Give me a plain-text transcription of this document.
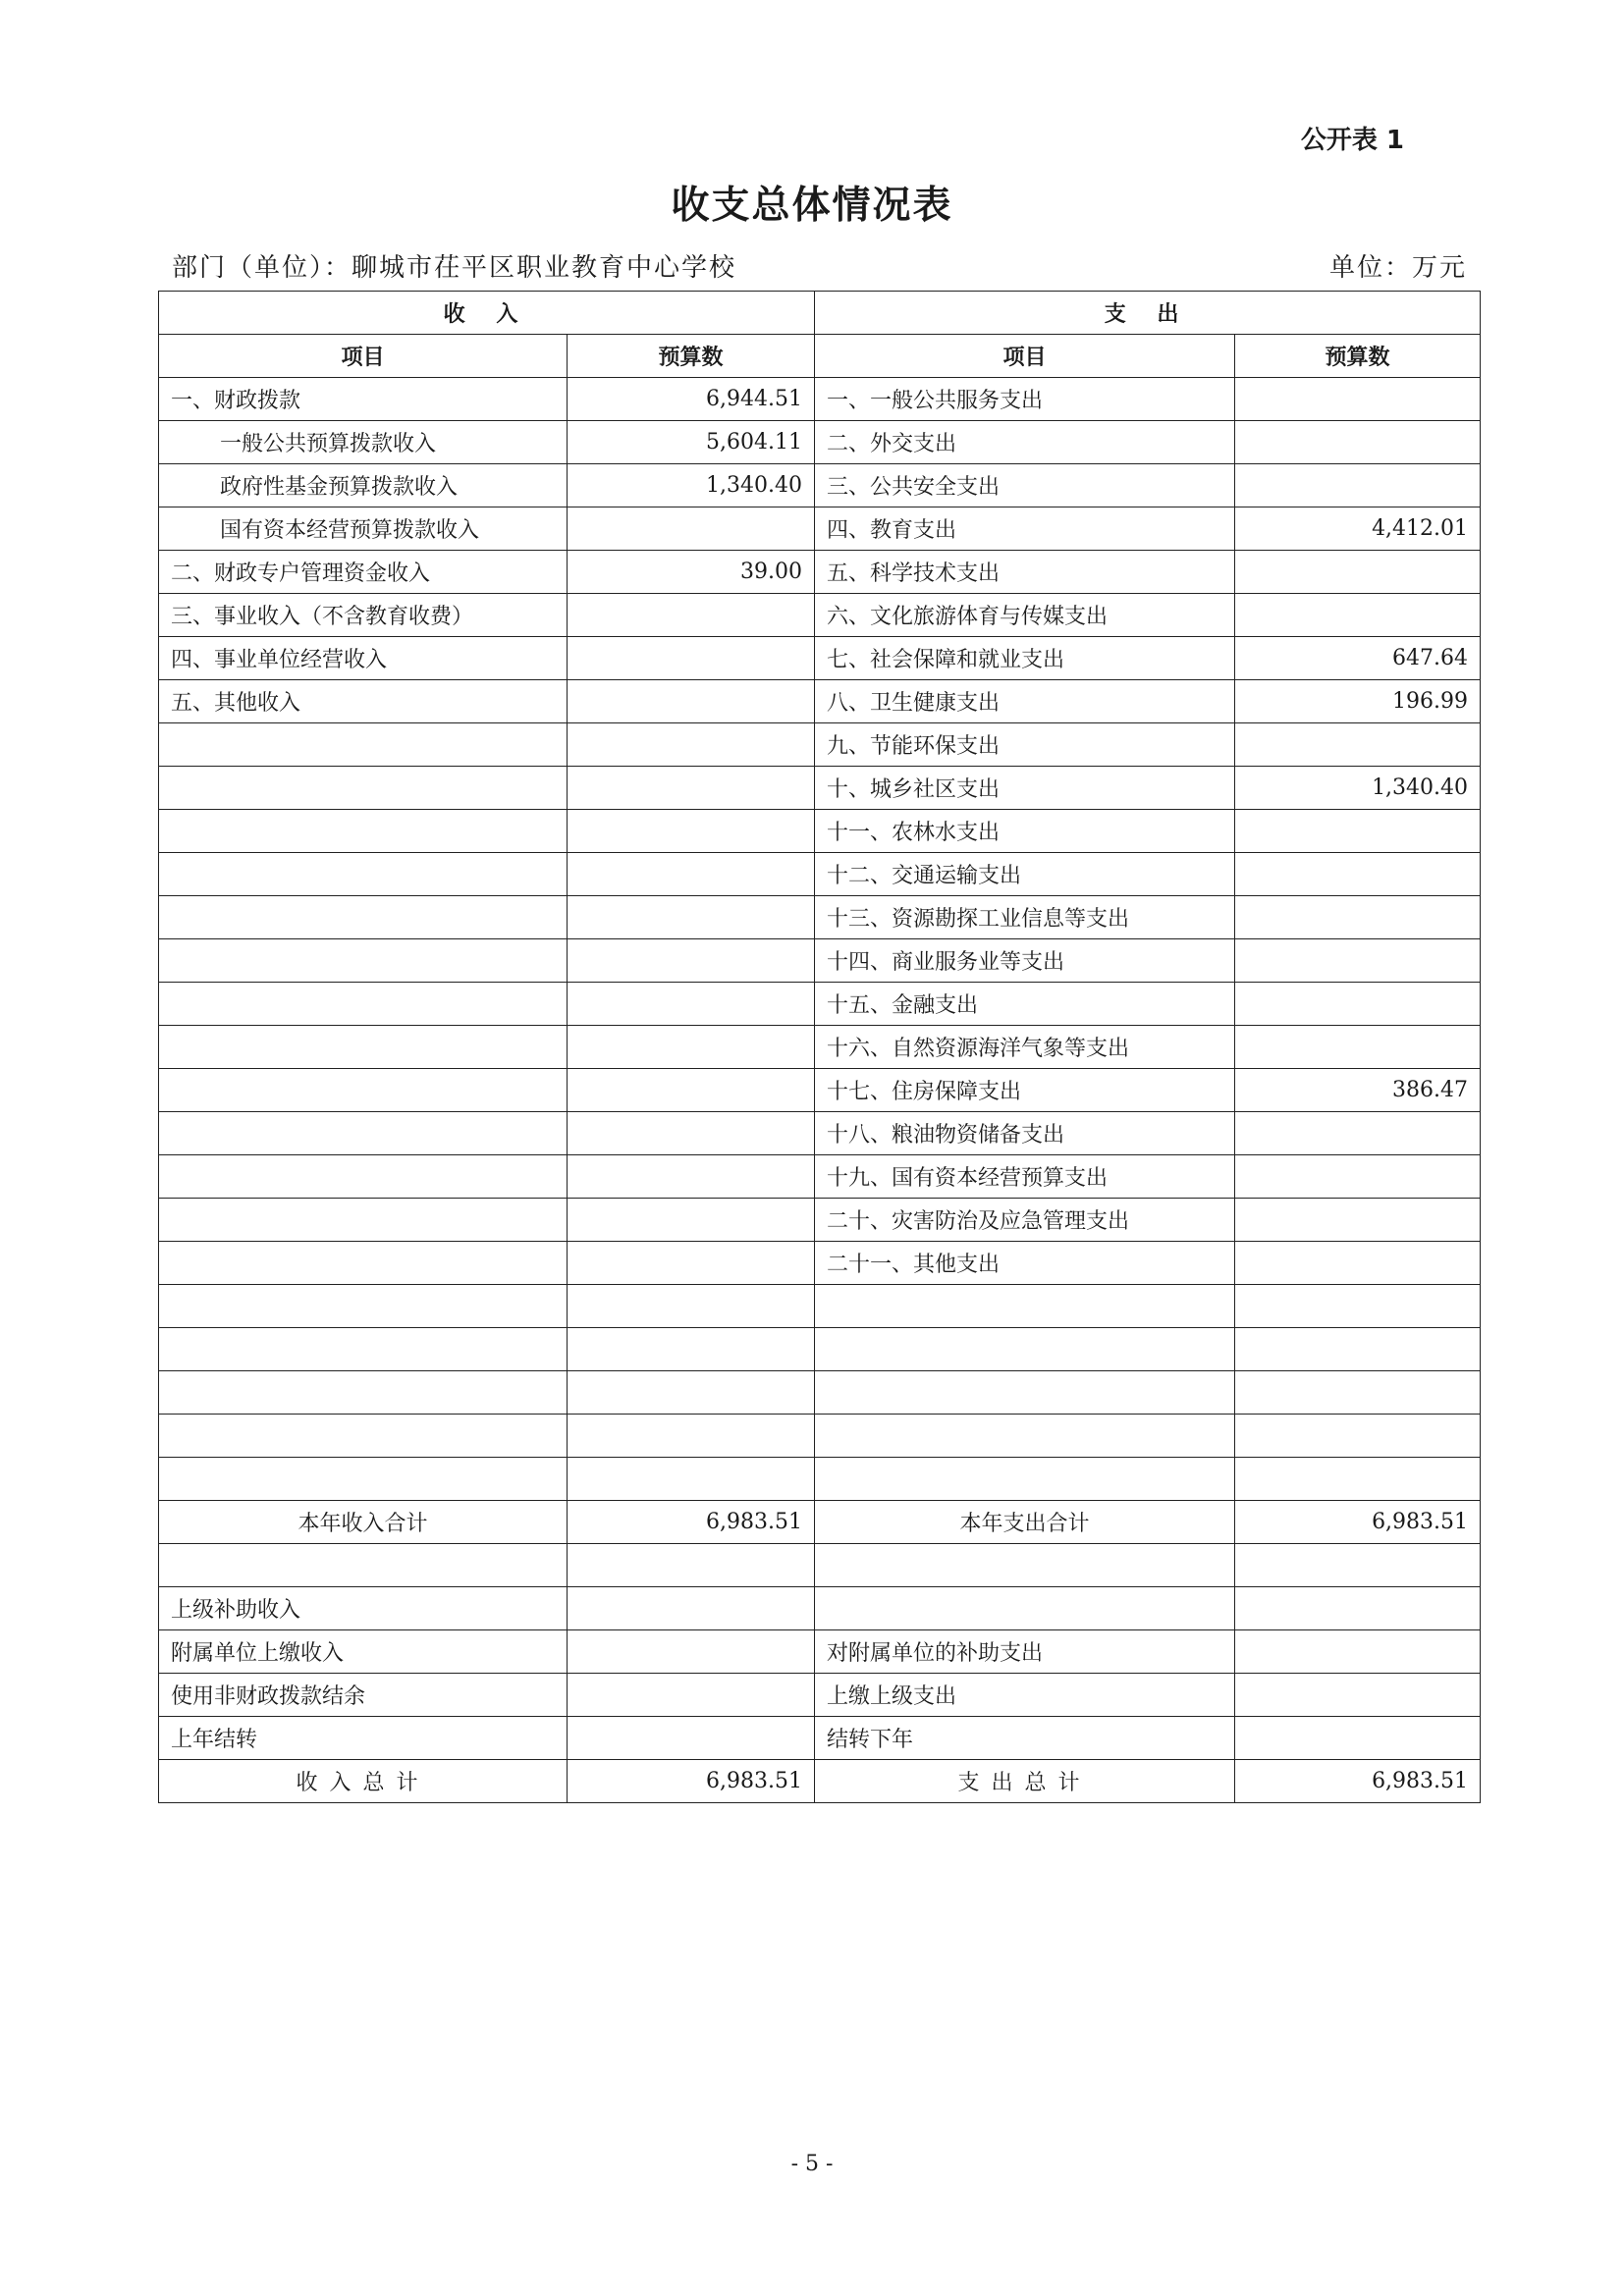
公开表 1
收支总体情况表
部门（单位）：聊城市茌平区职业教育中心学校	单位：万元
收 入		支 出	
项目	预算数	项目	预算数
一、财政拨款	6,944.51	一、一般公共服务支出	
一般公共预算拨款收入	5,604.11	二、外交支出	
政府性基金预算拨款收入	1,340.40	三、公共安全支出	
国有资本经营预算拨款收入		四、教育支出	4,412.01
二、财政专户管理资金收入	39.00	五、科学技术支出	
三、事业收入（不含教育收费）		六、文化旅游体育与传媒支出	
四、事业单位经营收入		七、社会保障和就业支出	647.64
五、其他收入		八、卫生健康支出	196.99
		九、节能环保支出	
		十、城乡社区支出	1,340.40
		十一、农林水支出	
		十二、交通运输支出	
		十三、资源勘探工业信息等支出	
		十四、商业服务业等支出	
		十五、金融支出	
		十六、自然资源海洋气象等支出	
		十七、住房保障支出	386.47
		十八、粮油物资储备支出	
		十九、国有资本经营预算支出	
		二十、灾害防治及应急管理支出	
		二十一、其他支出	

本年收入合计	6,983.51	本年支出合计	6,983.51

上级补助收入			
附属单位上缴收入		对附属单位的补助支出	
使用非财政拨款结余		上缴上级支出	
上年结转		结转下年	
收入总计	6,983.51	支出总计	6,983.51
- 5 -
